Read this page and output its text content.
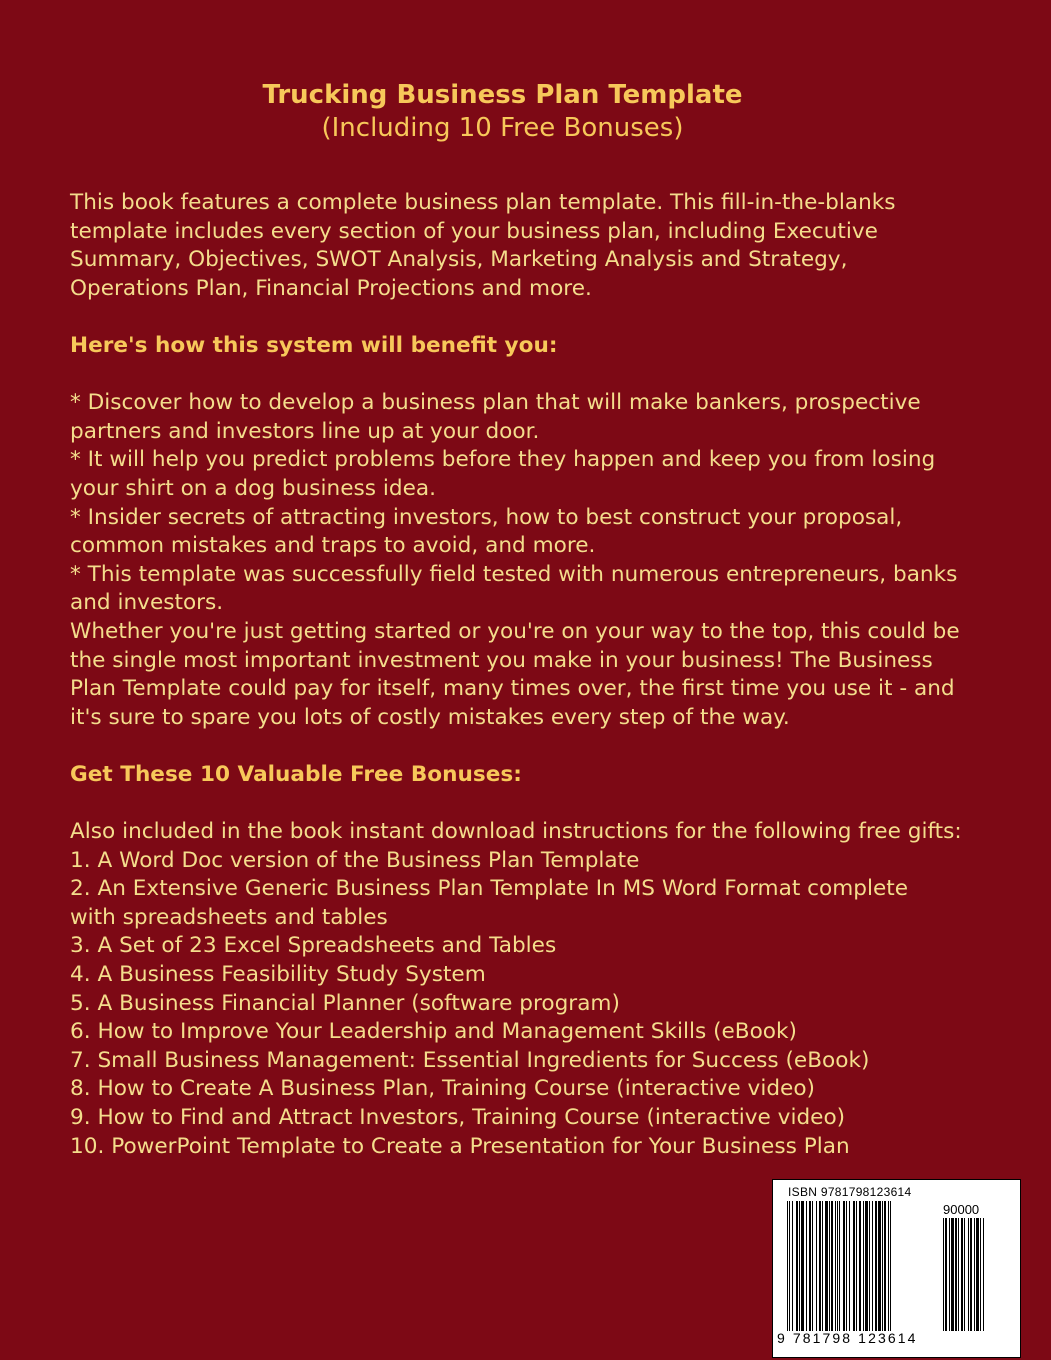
Trucking Business Plan Template
(Including 10 Free Bonuses)
This book features a complete business plan template. This fill-in-the-blanks
template includes every section of your business plan, including Executive
Summary, Objectives, SWOT Analysis, Marketing Analysis and Strategy,
Operations Plan, Financial Projections and more.
Here's how this system will benefit you:
* Discover how to develop a business plan that will make bankers, prospective
partners and investors line up at your door.
* It will help you predict problems before they happen and keep you from losing
your shirt on a dog business idea.
* Insider secrets of attracting investors, how to best construct your proposal,
common mistakes and traps to avoid, and more.
* This template was successfully field tested with numerous entrepreneurs, banks
and investors.
Whether you're just getting started or you're on your way to the top, this could be
the single most important investment you make in your business! The Business
Plan Template could pay for itself, many times over, the first time you use it - and
it's sure to spare you lots of costly mistakes every step of the way.
Get These 10 Valuable Free Bonuses:
Also included in the book instant download instructions for the following free gifts:
1. A Word Doc version of the Business Plan Template
2. An Extensive Generic Business Plan Template In MS Word Format complete
with spreadsheets and tables
3. A Set of 23 Excel Spreadsheets and Tables
4. A Business Feasibility Study System
5. A Business Financial Planner (software program)
6. How to Improve Your Leadership and Management Skills (eBook)
7. Small Business Management: Essential Ingredients for Success (eBook)
8. How to Create A Business Plan, Training Course (interactive video)
9. How to Find and Attract Investors, Training Course (interactive video)
10. PowerPoint Template to Create a Presentation for Your Business Plan
ISBN 9781798123614
90000
9 781798 123614
